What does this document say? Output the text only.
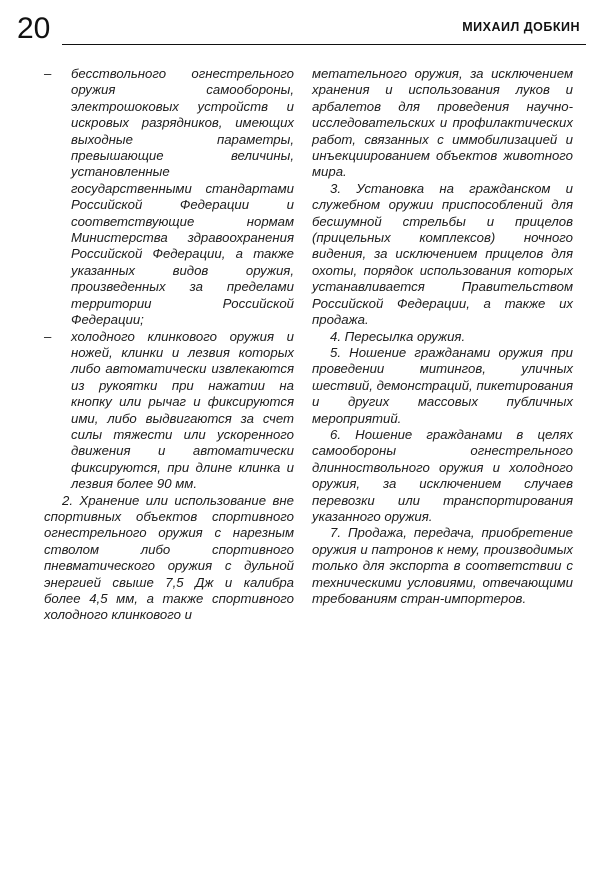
20	МИХАИЛ ДОБКИН
– бесствольного огнестрельного оружия самообороны, электрошоковых устройств и искровых разрядников, имеющих выходные параметры, превышающие величины, установленные государственными стандартами Российской Федерации и соответствующие нормам Министерства здравоохранения Российской Федерации, а также указанных видов оружия, произведенных за пределами территории Российской Федерации;
– холодного клинкового оружия и ножей, клинки и лезвия которых либо автоматически извлекаются из рукоятки при нажатии на кнопку или рычаг и фиксируются ими, либо выдвигаются за счет силы тяжести или ускоренного движения и автоматически фиксируются, при длине клинка и лезвия более 90 мм.

2. Хранение или использование вне спортивных объектов спортивного огнестрельного оружия с нарезным стволом либо спортивного пневматического оружия с дульной энергией свыше 7,5 Дж и калибра более 4,5 мм, а также спортивного холодного клинкового и

метательного оружия, за исключением хранения и использования луков и арбалетов для проведения научно-исследовательских и профилактических работ, связанных с иммобилизацией и инъекциированием объектов животного мира.

3. Установка на гражданском и служебном оружии приспособлений для бесшумной стрельбы и прицелов (прицельных комплексов) ночного видения, за исключением прицелов для охоты, порядок использования которых устанавливается Правительством Российской Федерации, а также их продажа.

4. Пересылка оружия.

5. Ношение гражданами оружия при проведении митингов, уличных шествий, демонстраций, пикетирования и других массовых публичных мероприятий.

6. Ношение гражданами в целях самообороны огнестрельного длинноствольного оружия и холодного оружия, за исключением случаев перевозки или транспортирования указанного оружия.

7. Продажа, передача, приобретение оружия и патронов к нему, производимых только для экспорта в соответствии с техническими условиями, отвечающими требованиям стран-импортеров.
